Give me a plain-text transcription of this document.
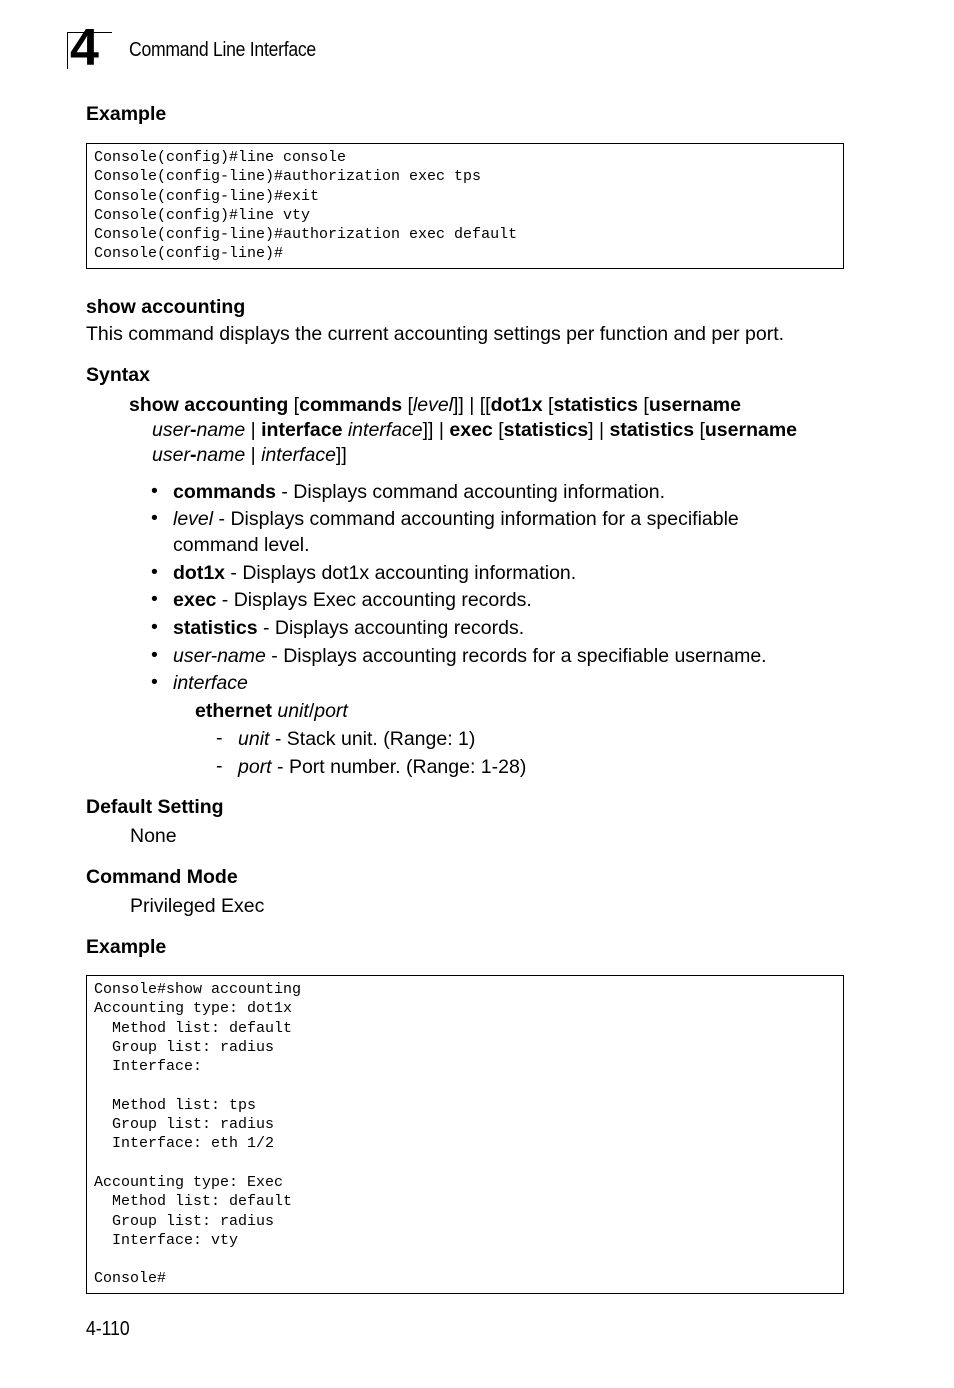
4 Command Line Interface
Example
Console(config)#line console
Console(config-line)#authorization exec tps
Console(config-line)#exit
Console(config)#line vty
Console(config-line)#authorization exec default
Console(config-line)#
show accounting
This command displays the current accounting settings per function and per port.
Syntax
show accounting [commands [level]] | [[dot1x [statistics [username
user-name | interface interface]] | exec [statistics] | statistics [username
user-name | interface]]
• commands - Displays command accounting information.
• level - Displays command accounting information for a specifiable
command level.
• dot1x - Displays dot1x accounting information.
• exec - Displays Exec accounting records.
• statistics - Displays accounting records.
• user-name - Displays accounting records for a specifiable username.
• interface
ethernet unit/port
- unit - Stack unit. (Range: 1)
- port - Port number. (Range: 1-28)
Default Setting
None
Command Mode
Privileged Exec
Example
Console#show accounting
Accounting type: dot1x
Method list: default
Group list: radius
Interface:
Method list: tps
Group list: radius
Interface: eth 1/2
Accounting type: Exec
Method list: default
Group list: radius
Interface: vty
Console#
4-110
